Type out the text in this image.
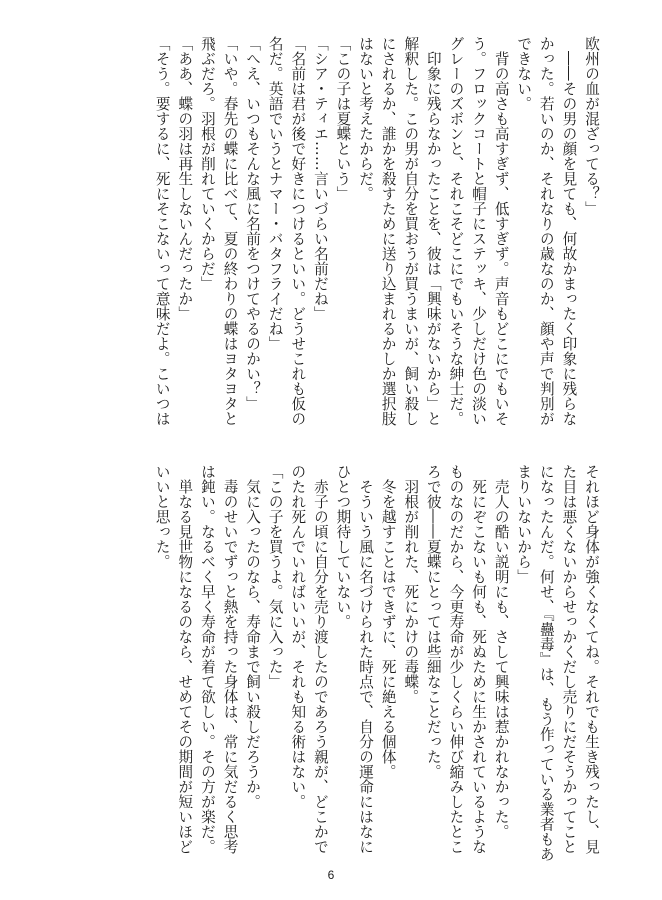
欧州の血が混ざってる？」
　――その男の顔を見ても、何故かまったく印象に残らな
かった。若いのか、それなりの歳なのか、顔や声で判別が
できない。
　背の高さも高すぎず、低すぎず。声音もどこにでもいそ
う。フロックコートと帽子にステッキ、少しだけ色の淡い
グレーのズボンと、それこそどこにでもいそうな紳士だ。
　印象に残らなかったことを、彼は「興味がないから」と
解釈した。この男が自分を買おうが買うまいが、飼い殺し
にされるか、誰かを殺すために送り込まれるかしか選択肢
はないと考えたからだ。
「この子は夏蝶という」
「シア・ティエ……言いづらい名前だね」
「名前は君が後で好きにつけるといい。どうせこれも仮の
名だ。英語でいうとナマー・バタフライだね」
「へえ、いつもそんな風に名前をつけてやるのかい？」
「いや。春先の蝶に比べて、夏の終わりの蝶はヨタヨタと
飛ぶだろ。羽根が削れていくからだ」
「ああ、蝶の羽は再生しないんだったか」
「そう。要するに、死にそこないって意味だよ。こいつは
それほど身体が強くなくてね。それでも生き残ったし、見
た目は悪くないからせっかくだし売りにだそうかってこと
になったんだ。何せ、『蠱毒』は、もう作っている業者もあ
まりいないから」
　売人の酷い説明にも、さして興味は惹かれなかった。
　死にぞこないも何も、死ぬために生かされているような
ものなのだから、今更寿命が少しくらい伸び縮みしたとこ
ろで彼――夏蝶にとっては些細なことだった。
　羽根が削れた、死にかけの毒蝶。
　冬を越すことはできずに、死に絶える個体。
　そういう風に名づけられた時点で、自分の運命にはなに
ひとつ期待していない。
　赤子の頃に自分を売り渡したのであろう親が、どこかで
のたれ死んでいればいいが、それも知る術はない。
「この子を買うよ。気に入った」
　気に入ったのなら、寿命まで飼い殺しだろうか。
　毒のせいでずっと熱を持った身体は、常に気だるく思考
は鈍い。なるべく早く寿命が着て欲しい。その方が楽だ。
　単なる見世物になるのなら、せめてその期間が短いほど
いいと思った。
6
